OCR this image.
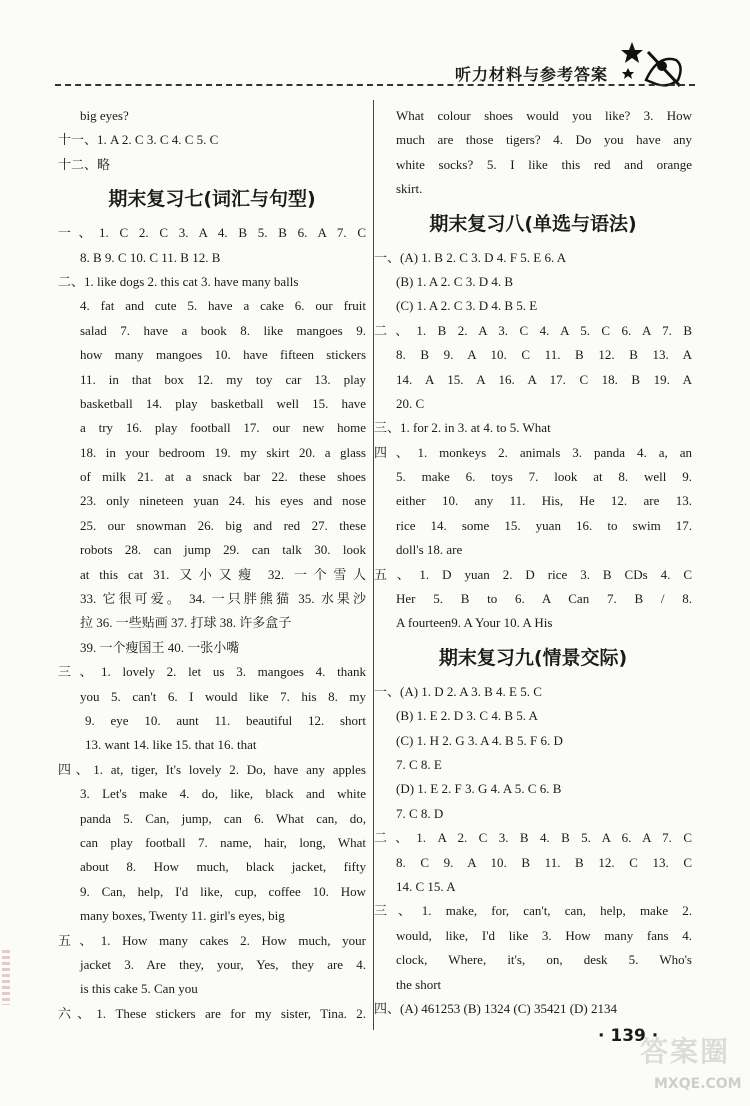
听力材料与参考答案
big eyes?
十一、1. A 2. C 3. C 4. C 5. C
十二、略
期末复习七(词汇与句型)
一、1. C 2. C 3. A 4. B 5. B 6. A 7. C
8. B 9. C 10. C 11. B 12. B
二、1. like dogs 2. this cat 3. have many balls
4. fat and cute 5. have a cake 6. our fruit
salad 7. have a book 8. like mangoes 9.
how many mangoes 10. have fifteen stickers
11. in that box 12. my toy car 13. play
basketball 14. play basketball well 15. have
a try 16. play football 17. our new home
18. in your bedroom 19. my skirt 20. a glass
of milk 21. at a snack bar 22. these shoes
23. only nineteen yuan 24. his eyes and nose
25. our snowman 26. big and red 27. these
robots 28. can jump 29. can talk 30. look
at this cat 31. 又小又瘦 32. 一个雪人
33. 它很可爱。 34. 一只胖熊猫 35. 水果沙
拉 36. 一些贴画 37. 打球 38. 许多盒子
39. 一个瘦国王 40. 一张小嘴
三、1. lovely 2. let us 3. mangoes 4. thank
you 5. can't 6. I would like 7. his 8. my
9. eye 10. aunt 11. beautiful 12. short
13. want 14. like 15. that 16. that
四、1. at, tiger, It's lovely 2. Do, have any apples
3. Let's make 4. do, like, black and white
panda 5. Can, jump, can 6. What can, do,
can play football 7. name, hair, long, What
about 8. How much, black jacket, fifty
9. Can, help, I'd like, cup, coffee 10. How
many boxes, Twenty 11. girl's eyes, big
五、1. How many cakes 2. How much, your
jacket 3. Are they, your, Yes, they are 4.
is this cake 5. Can you
六、1. These stickers are for my sister, Tina. 2.
What colour shoes would you like? 3. How
much are those tigers? 4. Do you have any
white socks? 5. I like this red and orange
skirt.
期末复习八(单选与语法)
一、(A) 1. B 2. C 3. D 4. F 5. E 6. A
(B) 1. A 2. C 3. D 4. B
(C) 1. A 2. C 3. D 4. B 5. E
二、1. B 2. A 3. C 4. A 5. C 6. A 7. B
8. B 9. A 10. C 11. B 12. B 13. A
14. A 15. A 16. A 17. C 18. B 19. A
20. C
三、1. for 2. in 3. at 4. to 5. What
四、1. monkeys 2. animals 3. panda 4. a, an
5. make 6. toys 7. look at 8. well 9.
either 10. any 11. His, He 12. are 13.
rice 14. some 15. yuan 16. to swim 17.
doll's 18. are
五、1. D yuan 2. D rice 3. B CDs 4. C
Her 5. B to 6. A Can 7. B / 8.
A fourteen9. A Your 10. A His
期末复习九(情景交际)
一、(A) 1. D 2. A 3. B 4. E 5. C
(B) 1. E 2. D 3. C 4. B 5. A
(C) 1. H 2. G 3. A 4. B 5. F 6. D
7. C 8. E
(D) 1. E 2. F 3. G 4. A 5. C 6. B
7. C 8. D
二、1. A 2. C 3. B 4. B 5. A 6. A 7. C
8. C 9. A 10. B 11. B 12. C 13. C
14. C 15. A
三、1. make, for, can't, can, help, make 2.
would, like, I'd like 3. How many fans 4.
clock, Where, it's, on, desk 5. Who's
the short
四、(A) 461253 (B) 1324 (C) 35421 (D) 2134
· 139 ·
答案圈
MXQE.COM
